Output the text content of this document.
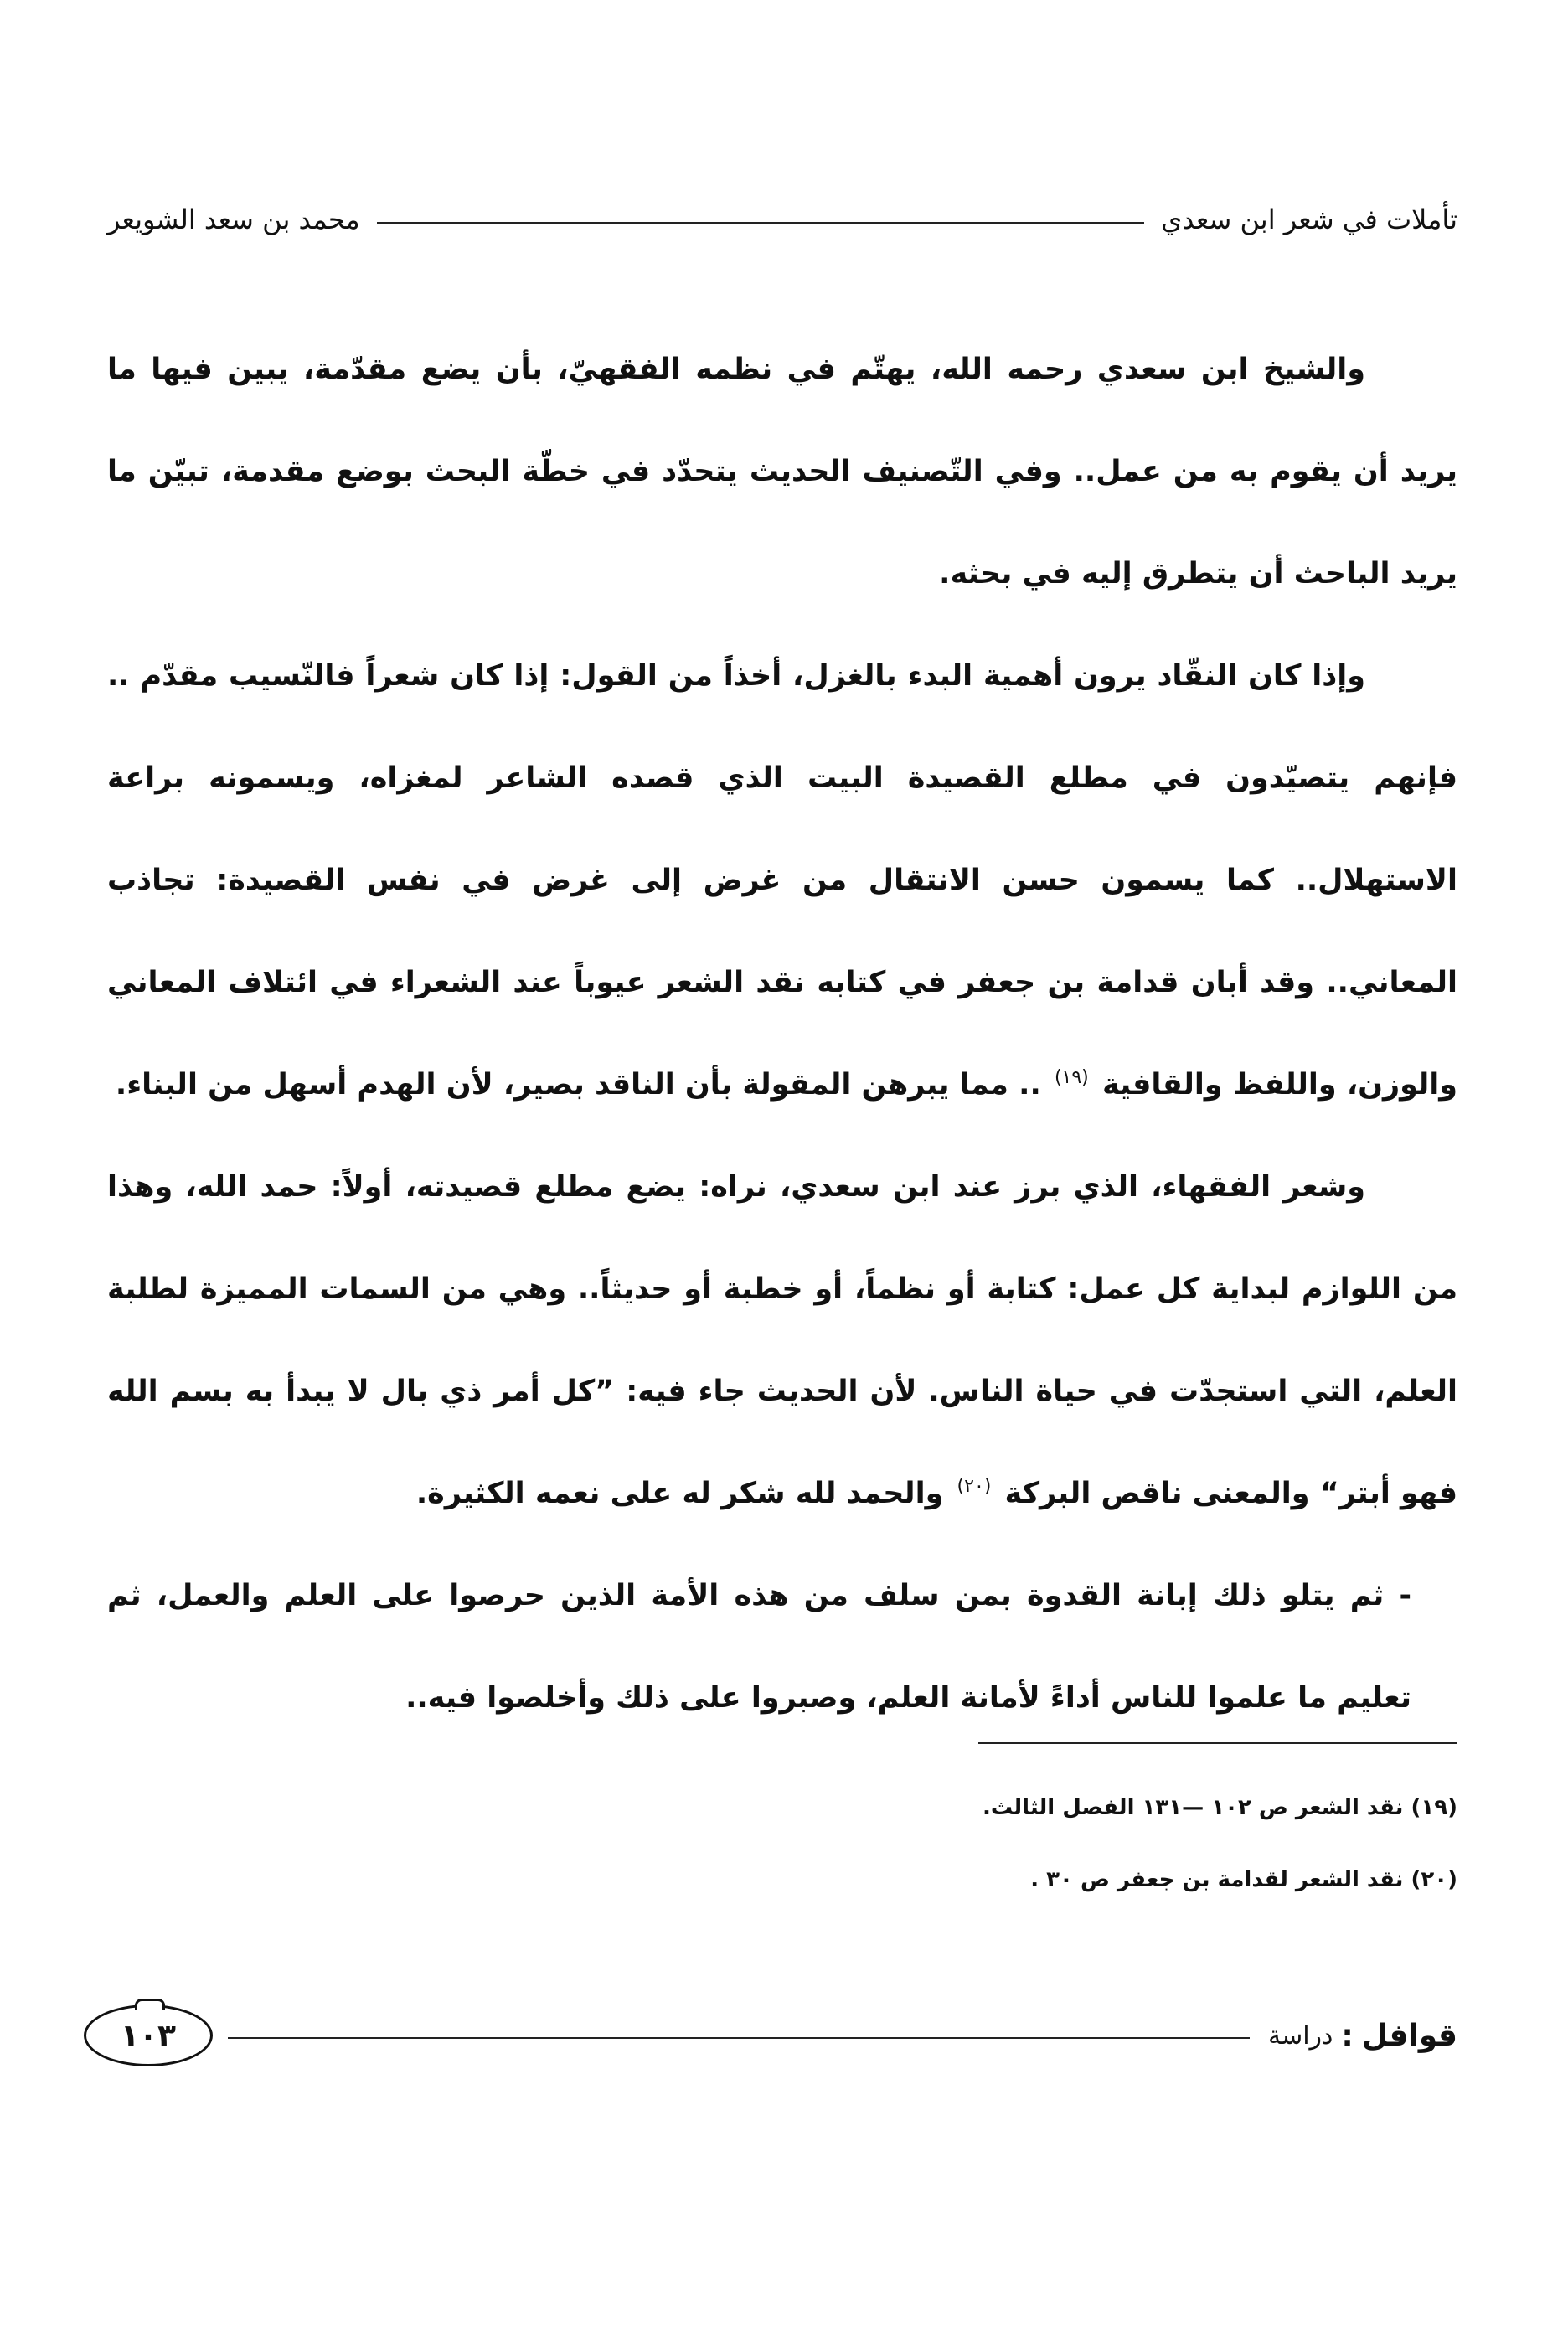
تأملات في شعر ابن سعدي
محمد بن سعد الشويعر

والشيخ ابن سعدي رحمه الله، يهتّم في نظمه الفقهيّ، بأن يضع مقدّمة، يبين فيها ما يريد أن يقوم به من عمل.. وفي التّصنيف الحديث يتحدّد في خطّة البحث بوضع مقدمة، تبيّن ما يريد الباحث أن يتطرق إليه في بحثه.

وإذا كان النقّاد يرون أهمية البدء بالغزل، أخذاً من القول: إذا كان شعراً فالنّسيب مقدّم .. فإنهم يتصيّدون في مطلع القصيدة البيت الذي قصده الشاعر لمغزاه، ويسمونه براعة الاستهلال.. كما يسمون حسن الانتقال من غرض إلى غرض في نفس القصيدة: تجاذب المعاني.. وقد أبان قدامة بن جعفر في كتابه نقد الشعر عيوباً عند الشعراء في ائتلاف المعاني والوزن، واللفظ والقافية $^{(١٩)}$ .. مما يبرهن المقولة بأن الناقد بصير، لأن الهدم أسهل من البناء.

وشعر الفقهاء، الذي برز عند ابن سعدي، نراه: يضع مطلع قصيدته، أولاً: حمد الله، وهذا من اللوازم لبداية كل عمل: كتابة أو نظماً، أو خطبة أو حديثاً.. وهي من السمات المميزة لطلبة العلم، التي استجدّت في حياة الناس. لأن الحديث جاء فيه: ”كل أمر ذي بال لا يبدأ به بسم الله فهو أبتر“ والمعنى ناقص البركة $^{(٢٠)}$ والحمد لله شكر له على نعمه الكثيرة.

- ثم يتلو ذلك إبانة القدوة بمن سلف من هذه الأمة الذين حرصوا على العلم والعمل، ثم تعليم ما علموا للناس أداءً لأمانة العلم، وصبروا على ذلك وأخلصوا فيه..

(١٩) نقد الشعر ص ١٠٢ —١٣١ الفصل الثالث.

(٢٠) نقد الشعر لقدامة بن جعفر ص ٣٠ .

قوافل
:
دراسة
١٠٣
